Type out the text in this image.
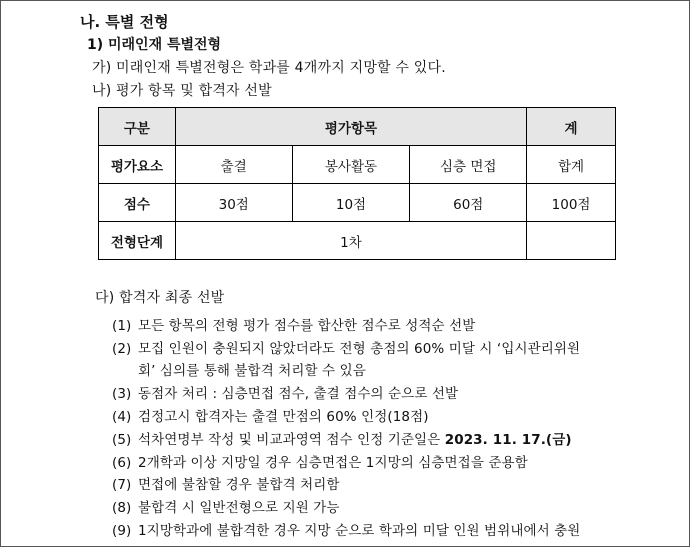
나. 특별 전형
1) 미래인재 특별전형
가) 미래인재 특별전형은 학과를 4개까지 지망할 수 있다.
나) 평가 항목 및 합격자 선발
구분	평가항목			계
평가요소	출결	봉사활동	심층 면접	합계
점수	30점	10점	60점	100점
전형단계	1차			
다) 합격자 최종 선발
(1) 모든 항목의 전형 평가 점수를 합산한 점수로 성적순 선발
(2) 모집 인원이 충원되지 않았더라도 전형 총점의 60% 미달 시 ‘입시관리위원
회’ 심의를 통해 불합격 처리할 수 있음
(3) 동점자 처리 : 심층면접 점수, 출결 점수의 순으로 선발
(4) 검정고시 합격자는 출결 만점의 60% 인정(18점)
(5) 석차연명부 작성 및 비교과영역 점수 인정 기준일은 2023. 11. 17.(금)
(6) 2개학과 이상 지망일 경우 심층면접은 1지망의 심층면접을 준용함
(7) 면접에 불참할 경우 불합격 처리함
(8) 불합격 시 일반전형으로 지원 가능
(9) 1지망학과에 불합격한 경우 지망 순으로 학과의 미달 인원 범위내에서 충원
